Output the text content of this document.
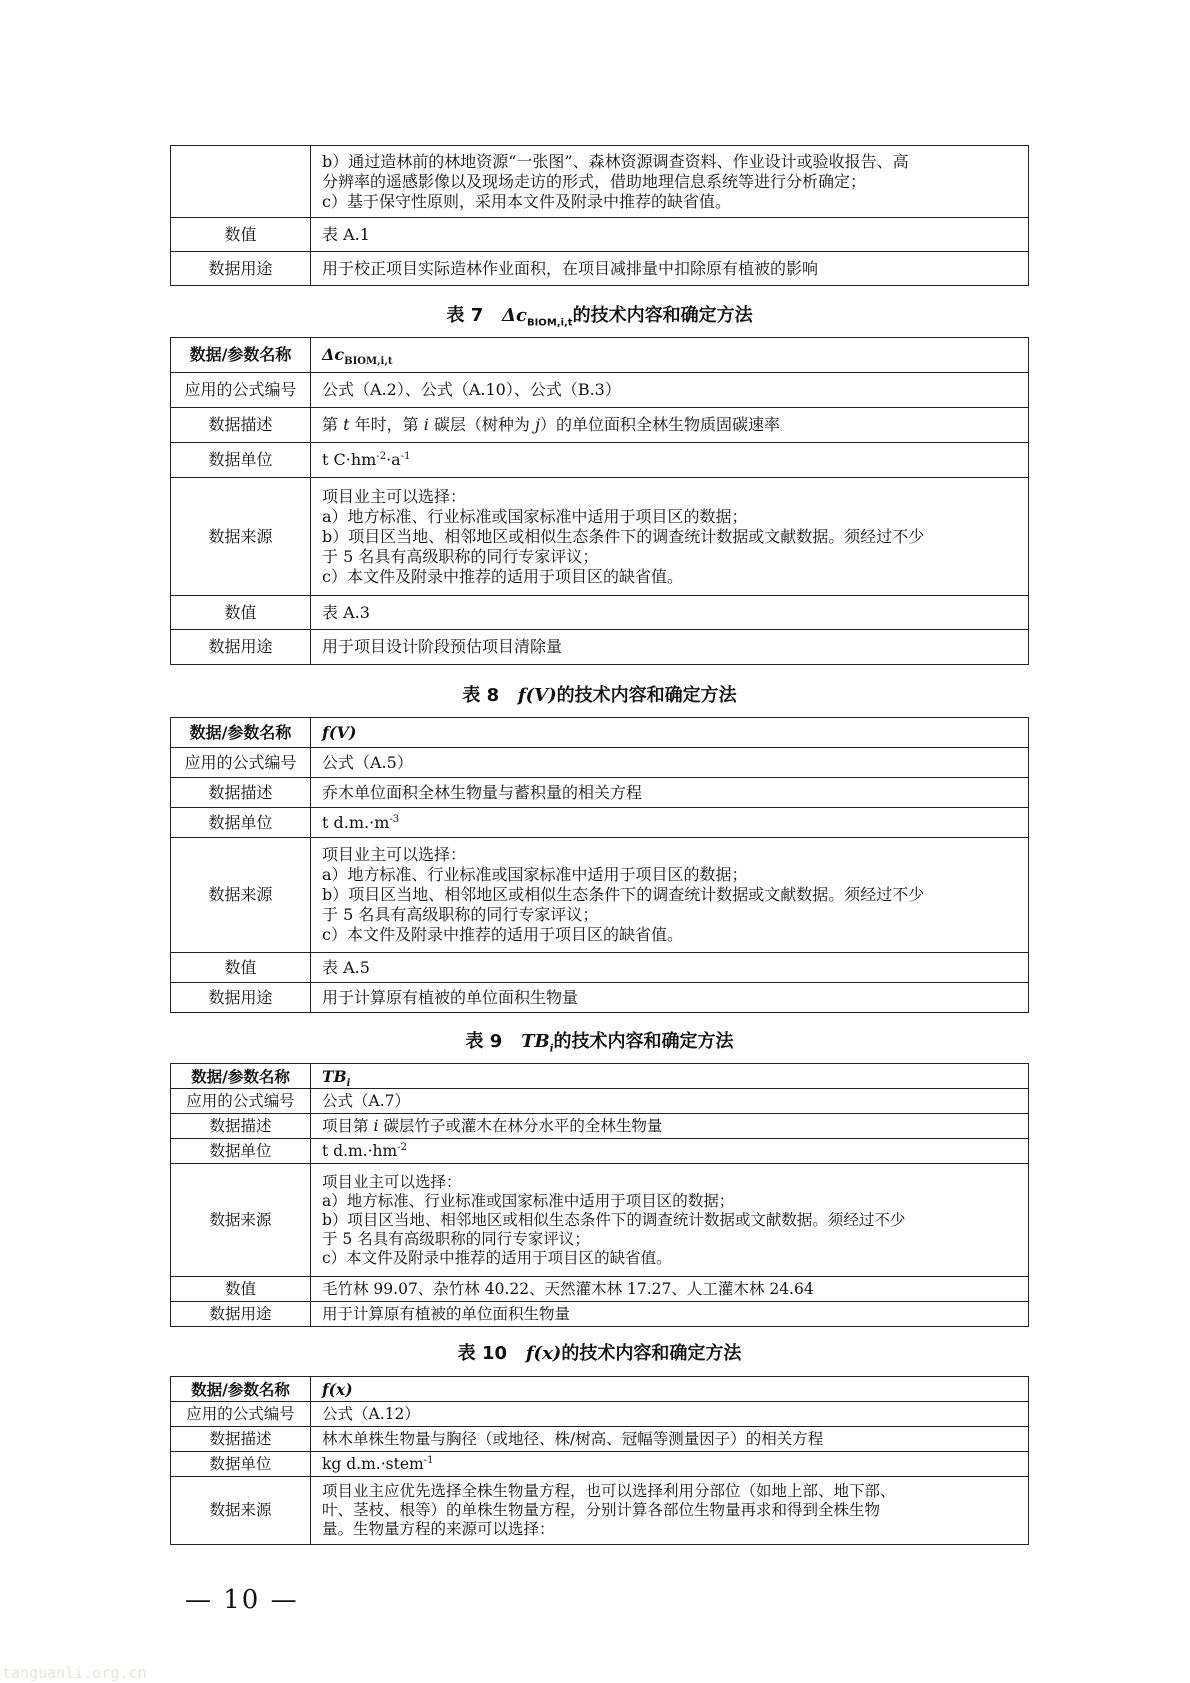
	b）通过造林前的林地资源“一张图”、森林资源调查资料、作业设计或验收报告、高
分辨率的遥感影像以及现场走访的形式，借助地理信息系统等进行分析确定；
c）基于保守性原则，采用本文件及附录中推荐的缺省值。

数值	表 A.1
数据用途	用于校正项目实际造林作业面积，在项目减排量中扣除原有植被的影响
表 7 $\Delta c_{BIOM,i,t}$的技术内容和确定方法
数据/参数名称	$\Delta c_{BIOM,i,t}$
应用的公式编号	公式（A.2）、公式（A.10）、公式（B.3）
数据描述	第 t 年时，第 i 碳层（树种为 j）的单位面积全林生物质固碳速率
数据单位	t $C\cdot hm^{-2}\cdot a^{-1}$
数据来源	项目业主可以选择：
a）地方标准、行业标准或国家标准中适用于项目区的数据；
b）项目区当地、相邻地区或相似生态条件下的调查统计数据或文献数据。须经过不少
于 5 名具有高级职称的同行专家评议；
c）本文件及附录中推荐的适用于项目区的缺省值。

数值	表 A.3
数据用途	用于项目设计阶段预估项目清除量
表 8 f(V)的技术内容和确定方法
数据/参数名称	f(V)
应用的公式编号	公式（A.5）
数据描述	乔木单位面积全林生物量与蓄积量的相关方程
数据单位	t $d.m.\cdot m^{-3}$
数据来源	项目业主可以选择：
a）地方标准、行业标准或国家标准中适用于项目区的数据；
b）项目区当地、相邻地区或相似生态条件下的调查统计数据或文献数据。须经过不少
于 5 名具有高级职称的同行专家评议；
c）本文件及附录中推荐的适用于项目区的缺省值。

数值	表 A.5
数据用途	用于计算原有植被的单位面积生物量
表 9 $TB_i$的技术内容和确定方法
数据/参数名称	$TB_i$
应用的公式编号	公式（A.7）
数据描述	项目第 i 碳层竹子或灌木在林分水平的全林生物量
数据单位	t $d.m.\cdot hm^{-2}$
数据来源	项目业主可以选择：
a）地方标准、行业标准或国家标准中适用于项目区的数据；
b）项目区当地、相邻地区或相似生态条件下的调查统计数据或文献数据。须经过不少
于 5 名具有高级职称的同行专家评议；
c）本文件及附录中推荐的适用于项目区的缺省值。

数值	毛竹林 99.07、杂竹林 40.22、天然灌木林 17.27、人工灌木林 24.64
数据用途	用于计算原有植被的单位面积生物量
表 10 f(x)的技术内容和确定方法
数据/参数名称	f(x)
应用的公式编号	公式（A.12）
数据描述	林木单株生物量与胸径（或地径、株/树高、冠幅等测量因子）的相关方程
数据单位	kg d.m.·stem$^{-1}$
数据来源	项目业主应优先选择全株生物量方程，也可以选择利用分部位（如地上部、地下部、
叶、茎枝、根等）的单株生物量方程，分别计算各部位生物量再求和得到全株生物
量。生物量方程的来源可以选择：
— 10 —
tanguanli.org.cn
